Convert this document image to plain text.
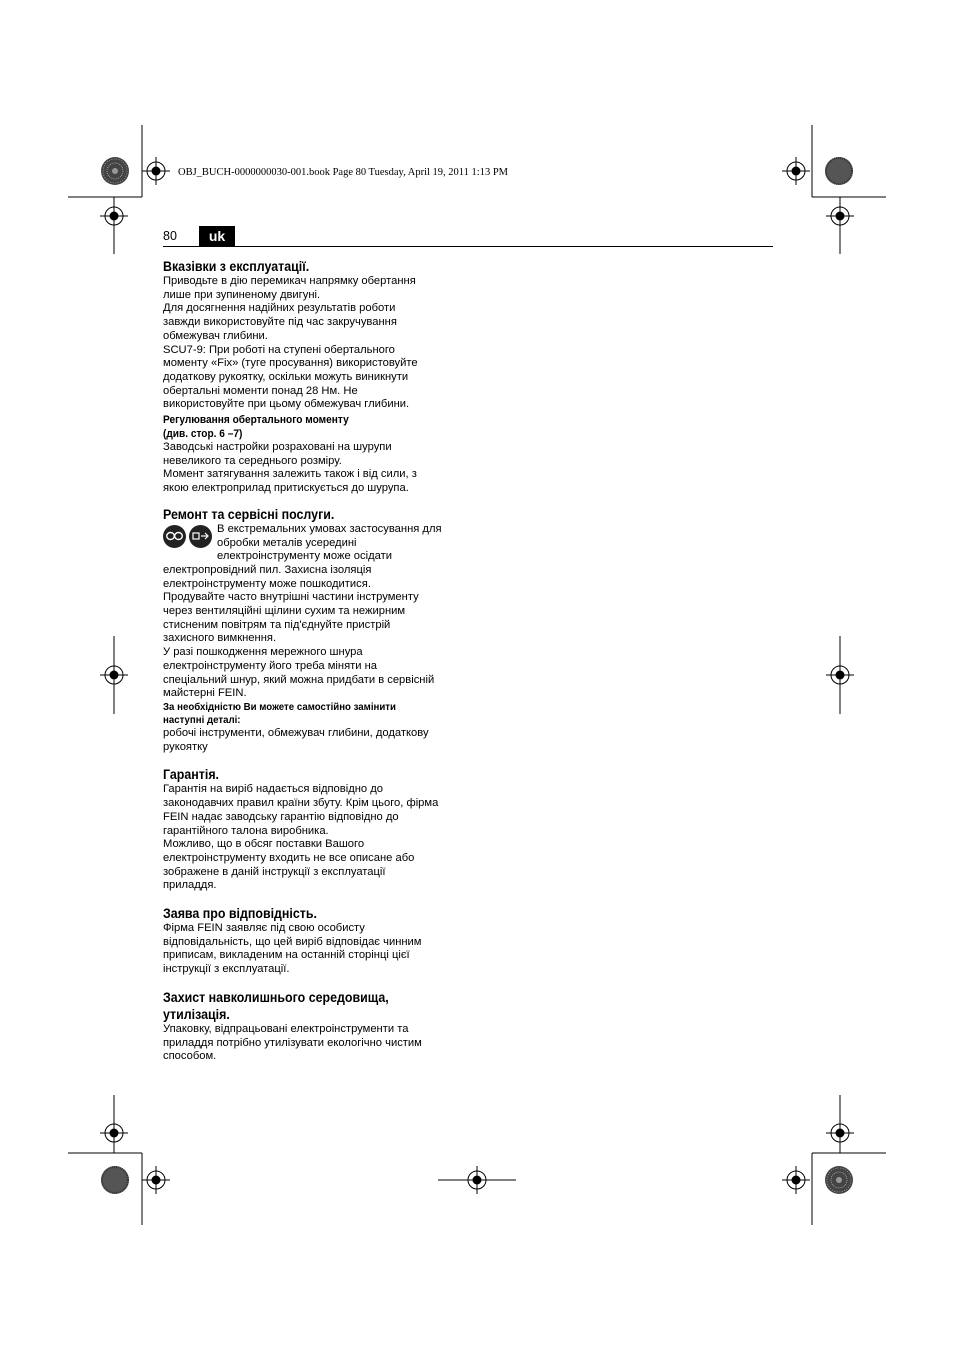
OBJ_BUCH-0000000030-001.book Page 80 Tuesday, April 19, 2011 1:13 PM
80	uk
Вказівки з експлуатації.

Приводьте в дію перемикач напрямку обертання
лише при зупиненому двигуні.

Для досягнення надійних результатів роботи
завжди використовуйте під час закручування
обмежувач глибини.

SCU7-9: При роботі на ступені обертального
моменту «Fix» (туге просування) використовуйте
додаткову рукоятку, оскільки можуть виникнути
обертальні моменти понад 28 Нм. Не
використовуйте при цьому обмежувач глибини.

Регулювання обертального моменту
(див. стор. 6 –7)

Заводські настройки розраховані на шурупи
невеликого та середнього розміру.

Момент затягування залежить також і від сили, з
якою електроприлад притискується до шурупа.

Ремонт та сервісні послуги.

В екстремальних умовах застосування для
обробки металів усередині
електроінструменту може осідати

електропровідний пил. Захисна ізоляція
електроінструменту може пошкодитися.
Продувайте часто внутрішні частини інструменту
через вентиляційні щілини сухим та нежирним
стисненим повітрям та під'єднуйте пристрій
захисного вимкнення.

У разі пошкодження мережного шнура
електроінструменту його треба міняти на
спеціальний шнур, який можна придбати в сервісній
майстерні FEIN.

За необхідністю Ви можете самостійно замінити
наступні деталі:

робочі інструменти, обмежувач глибини, додаткову
рукоятку

Гарантія.

Гарантія на виріб надається відповідно до
законодавчих правил країни збуту. Крім цього, фірма
FEIN надає заводську гарантію відповідно до
гарантійного талона виробника.

Можливо, що в обсяг поставки Вашого
електроінструменту входить не все описане або
зображене в даній інструкції з експлуатації
приладдя.

Заява про відповідність.

Фірма FEIN заявляє під свою особисту
відповідальність, що цей виріб відповідає чинним
приписам, викладеним на останній сторінці цієї
інструкції з експлуатації.

Захист навколишнього середовища,
утилізація.

Упаковку, відпрацьовані електроінструменти та
приладдя потрібно утилізувати екологічно чистим
способом.
